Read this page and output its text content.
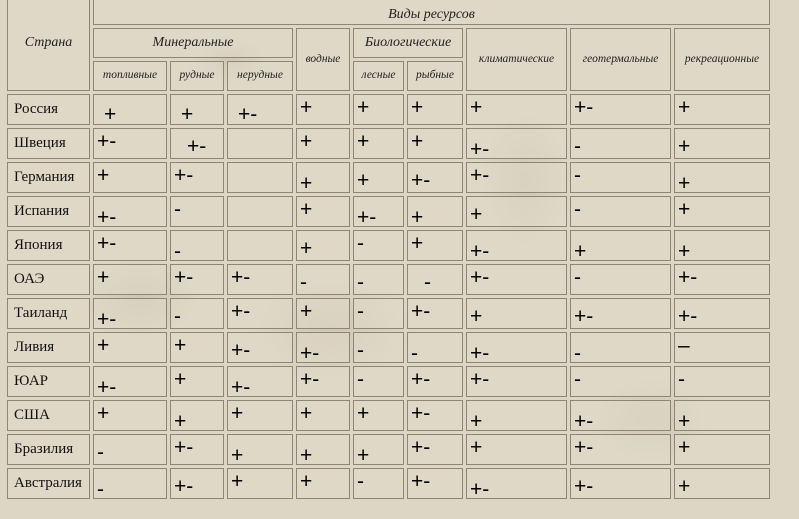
Страна	Виды ресурсов								
	Минеральные			водные	Биологические		климатические	геотермальные	рекреационные
	топливные	рудные	нерудные		лесные	рыбные			
Россия	+	+	+-	+	+	+	+	+-	+

Швеция	+-	+-		+	+	+	+-	-	+

Германия	+	+-		+	+	+-	+-	-	+

Испания	+-	-		+	+-	+	+	-	+

Япония	+-	-		+	-	+	+-	+	+

ОАЭ	+	+-	+-	-	-	-	+-	-	+-

Таиланд	+-	-	+-	+	-	+-	+	+-	+-

Ливия	+	+	+-	+-	-	-	+-	-	–

ЮАР	+-	+	+-	+-	-	+-	+-	-	-

США	+	+	+	+	+	+-	+	+-	+

Бразилия	-	+-	+	+	+	+-	+	+-	+

Австралия	-	+-	+	+	-	+-	+-	+-	+
